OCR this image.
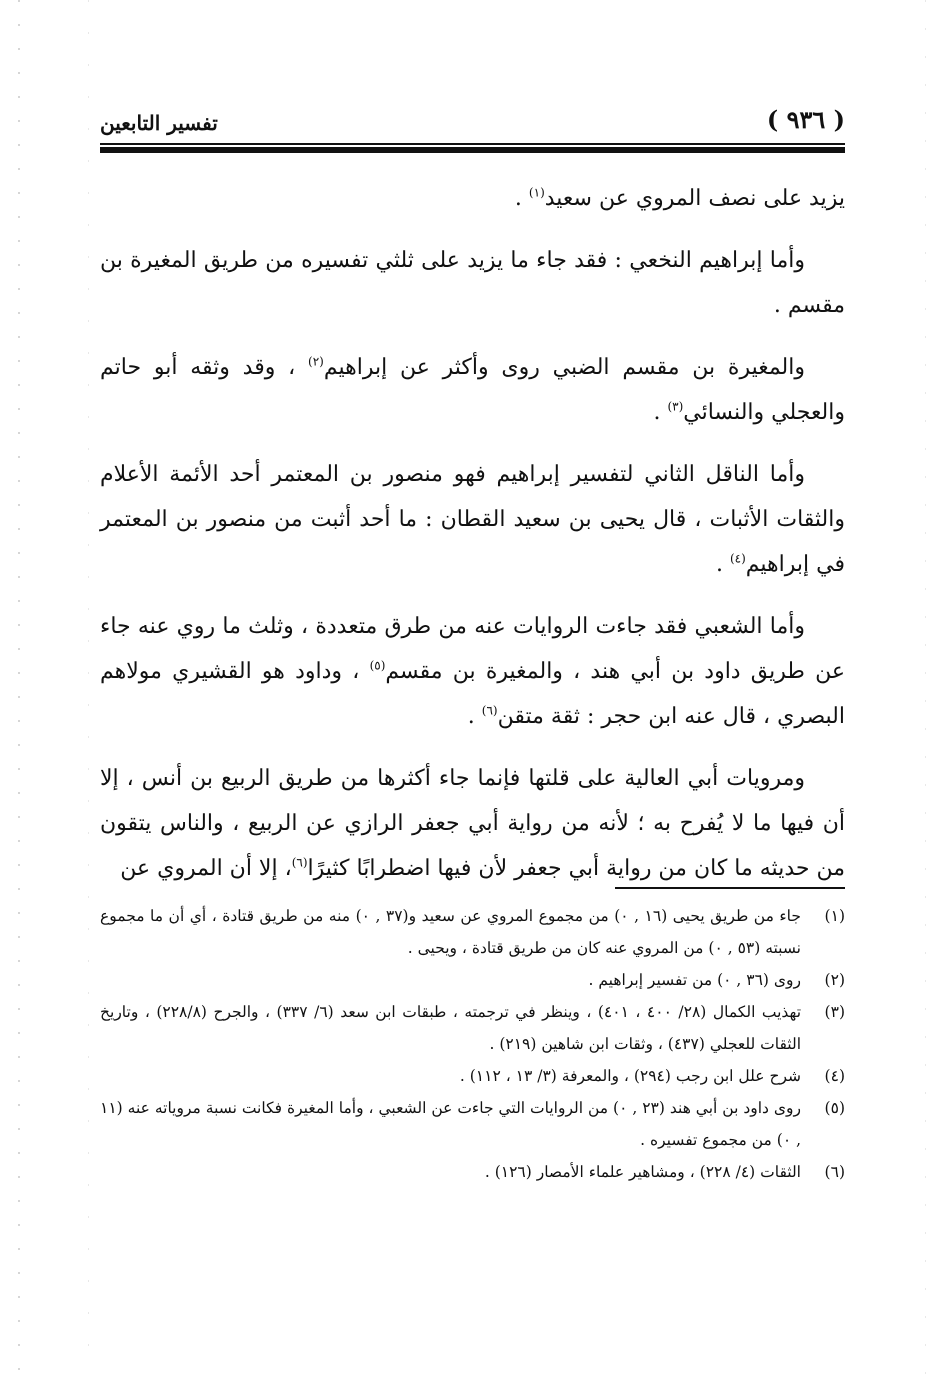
( ٩٣٦ )
تفسير التابعين

يزيد على نصف المروي عن سعيد$^{(١)}$ .

وأما إبراهيم النخعي : فقد جاء ما يزيد على ثلثي تفسيره من طريق المغيرة بن مقسم .

والمغيرة بن مقسم الضبي روى وأكثر عن إبراهيم$^{(٢)}$ ، وقد وثقه أبو حاتم والعجلي والنسائي$^{(٣)}$ .

وأما الناقل الثاني لتفسير إبراهيم فهو منصور بن المعتمر أحد الأئمة الأعلام والثقات الأثبات ، قال يحيى بن سعيد القطان : ما أحد أثبت من منصور بن المعتمر في إبراهيم$^{(٤)}$ .

وأما الشعبي فقد جاءت الروايات عنه من طرق متعددة ، وثلث ما روي عنه جاء عن طريق داود بن أبي هند ، والمغيرة بن مقسم$^{(٥)}$ ، وداود هو القشيري مولاهم البصري ، قال عنه ابن حجر : ثقة متقن$^{(٦)}$ .

ومرويات أبي العالية على قلتها فإنما جاء أكثرها من طريق الربيع بن أنس ، إلا أن فيها ما لا يُفرح به ؛ لأنه من رواية أبي جعفر الرازي عن الربيع ، والناس يتقون من حديثه ما كان من رواية أبي جعفر لأن فيها اضطرابًا كثيرًا$^{(٦)}$، إلا أن المروي عن

(١)
جاء من طريق يحيى (١٦ , ٠) من مجموع المروي عن سعيد و(٣٧ , ٠) منه من طريق قتادة ، أي أن ما مجموع نسبته (٥٣ , ٠) من المروي عنه كان من طريق قتادة ، ويحيى .

(٢)
روى (٣٦ , ٠) من تفسير إبراهيم .

(٣)
تهذيب الكمال (٢٨/ ٤٠٠ ، ٤٠١) ، وينظر في ترجمته ، طبقات ابن سعد (٦/ ٣٣٧) ، والجرح (٢٢٨/٨) ، وتاريخ الثقات للعجلي (٤٣٧) ، وثقات ابن شاهين (٢١٩) .

(٤)
شرح علل ابن رجب (٢٩٤) ، والمعرفة (٣/ ١٣ ، ١١٢) .

(٥)
روى داود بن أبي هند (٢٣ , ٠) من الروايات التي جاءت عن الشعبي ، وأما المغيرة فكانت نسبة مروياته عنه (١١ , ٠) من مجموع تفسيره .

(٦)
الثقات (٤/ ٢٢٨) ، ومشاهير علماء الأمصار (١٢٦) .
